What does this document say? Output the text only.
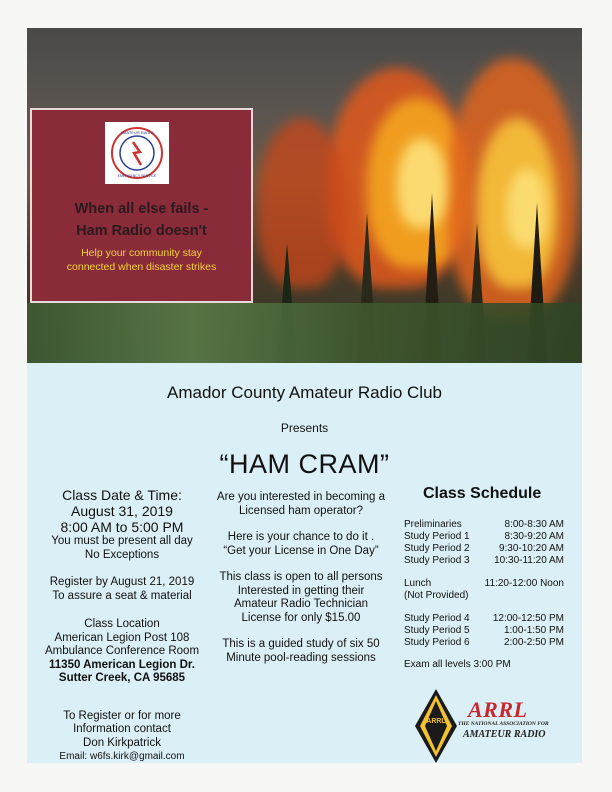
AMATEUR RADIO
EMERGENCY SERVICE
When all else fails -
Ham Radio doesn't
Help your community stay
connected when disaster strikes
Amador County Amateur Radio Club
Presents
“HAM CRAM”
Class Date & Time:
August 31, 2019
8:00 AM to 5:00 PM
You must be present all day
No Exceptions
Register by August 21, 2019
To assure a seat & material
Class Location
American Legion Post 108
Ambulance Conference Room
11350 American Legion Dr.
Sutter Creek, CA 95685
To Register or for more
Information contact
Don Kirkpatrick
Email: w6fs.kirk@gmail.com
Are you interested in becoming a
Licensed ham operator?
Here is your chance to do it .
“Get your License in One Day”
This class is open to all persons
Interested in getting their
Amateur Radio Technician
License for only $15.00
This is a guided study of six 50
Minute pool-reading sessions
Class Schedule
Preliminaries	8:00-8:30 AM
Study Period 1	8:30-9:20 AM
Study Period 2	9:30-10:20 AM
Study Period 3 10:30-11:20 AM
Lunch	11:20-12:00 Noon
(Not Provided)
Study Period 4 12:00-12:50 PM
Study Period 5	1:00-1:50 PM
Study Period 6	2:00-2:50 PM
Exam all levels 3:00 PM
ARRL ARRL
THE NATIONAL ASSOCIATION FOR
AMATEUR RADIO
